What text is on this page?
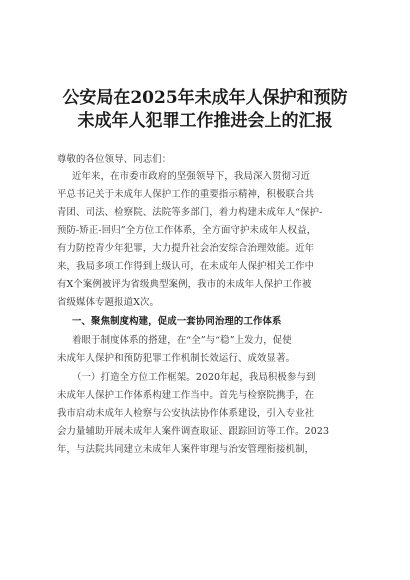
公安局在2025年未成年人保护和预防
未成年人犯罪工作推进会上的汇报
尊敬的各位领导、同志们：
近年来，在市委市政府的坚强领导下，我局深入贯彻习近
平总书记关于未成年人保护工作的重要指示精神，积极联合共
青团、司法、检察院、法院等多部门，着力构建未成年人“保护-
预防-矫正-回归”全方位工作体系，全方面守护未成年人权益，
有力防控青少年犯罪，大力提升社会治安综合治理效能。近年
来，我局多项工作得到上级认可，在未成年人保护相关工作中
有X个案例被评为省级典型案例，我市的未成年人保护工作被
省级媒体专题报道X次。
一、聚焦制度构建，促成一套协同治理的工作体系
着眼于制度体系的搭建，在“全”与“稳”上发力，促使
未成年人保护和预防犯罪工作机制长效运行、成效显著。
（一）打造全方位工作框架。2020年起，我局积极参与到
未成年人保护工作体系构建工作当中。首先与检察院携手，在
我市启动未成年人检察与公安执法协作体系建设，引入专业社
会力量辅助开展未成年人案件调查取证、跟踪回访等工作。2023
年，与法院共同建立未成年人案件审理与治安管理衔接机制，
